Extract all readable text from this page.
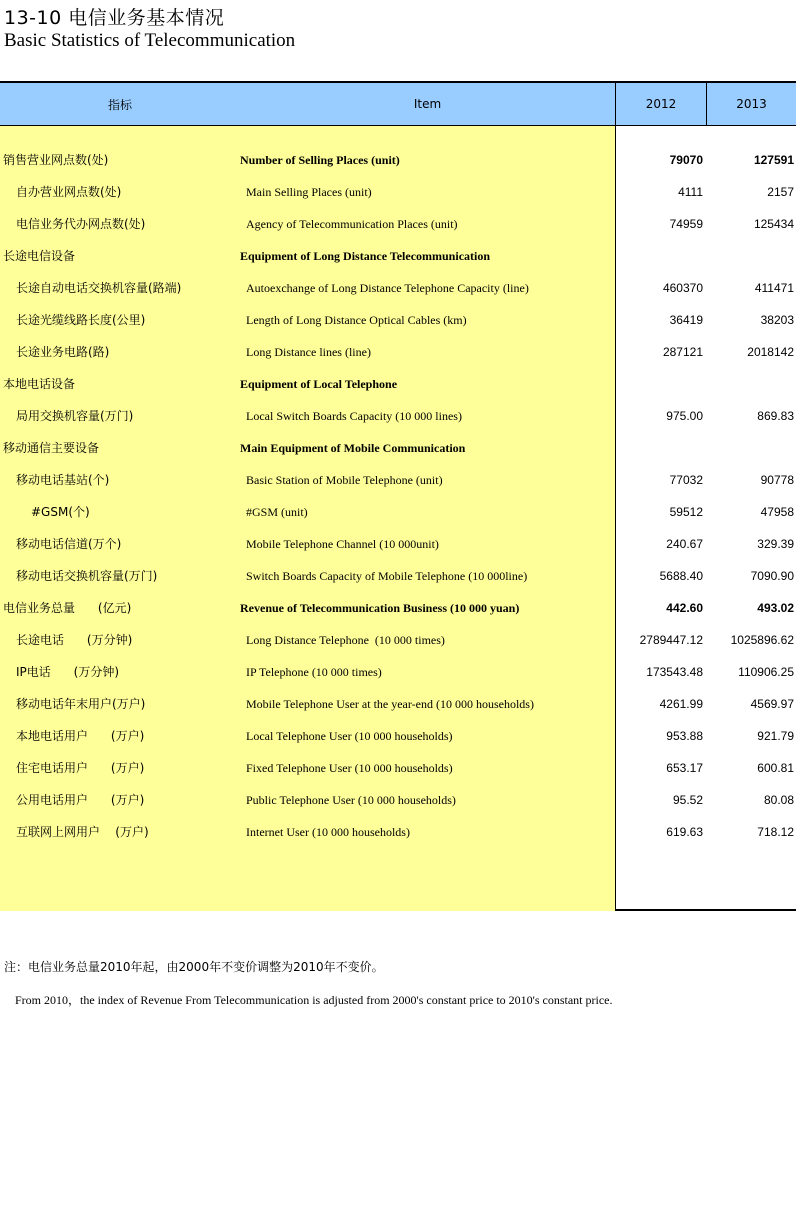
13-10 电信业务基本情况
Basic Statistics of Telecommunication
指标	Item	2012	2013
销售营业网点数(处)	Number of Selling Places (unit)	79070	127591
自办营业网点数(处)	Main Selling Places (unit)	4111	2157
电信业务代办网点数(处)	Agency of Telecommunication Places (unit)	74959	125434
长途电信设备	Equipment of Long Distance Telecommunication
长途自动电话交换机容量(路端)	Autoexchange of Long Distance Telephone Capacity (line)	460370	411471
长途光缆线路长度(公里)	Length of Long Distance Optical Cables (km)	36419	38203
长途业务电路(路)	Long Distance lines (line)	287121	2018142
本地电话设备	Equipment of Local Telephone
局用交换机容量(万门)	Local Switch Boards Capacity (10 000 lines)	975.00	869.83
移动通信主要设备	Main Equipment of Mobile Communication
移动电话基站(个)	Basic Station of Mobile Telephone (unit)	77032	90778
#GSM(个)	#GSM (unit)	59512	47958
移动电话信道(万个)	Mobile Telephone Channel (10 000unit)	240.67	329.39
移动电话交换机容量(万门)	Switch Boards Capacity of Mobile Telephone (10 000line)	5688.40	7090.90
电信业务总量      (亿元)	Revenue of Telecommunication Business (10 000 yuan)	442.60	493.02
长途电话      (万分钟)	Long Distance Telephone  (10 000 times)	2789447.12	1025896.62
IP电话      (万分钟)	IP Telephone (10 000 times)	173543.48	110906.25
移动电话年末用户(万户)	Mobile Telephone User at the year-end (10 000 households)	4261.99	4569.97
本地电话用户      (万户)	Local Telephone User (10 000 households)	953.88	921.79
住宅电话用户      (万户)	Fixed Telephone User (10 000 households)	653.17	600.81
公用电话用户      (万户)	Public Telephone User (10 000 households)	95.52	80.08
互联网上网用户    (万户)	Internet User (10 000 households)	619.63	718.12
注：电信业务总量2010年起，由2000年不变价调整为2010年不变价。
From 2010，the index of Revenue From Telecommunication is adjusted from 2000's constant price to 2010's constant price.
